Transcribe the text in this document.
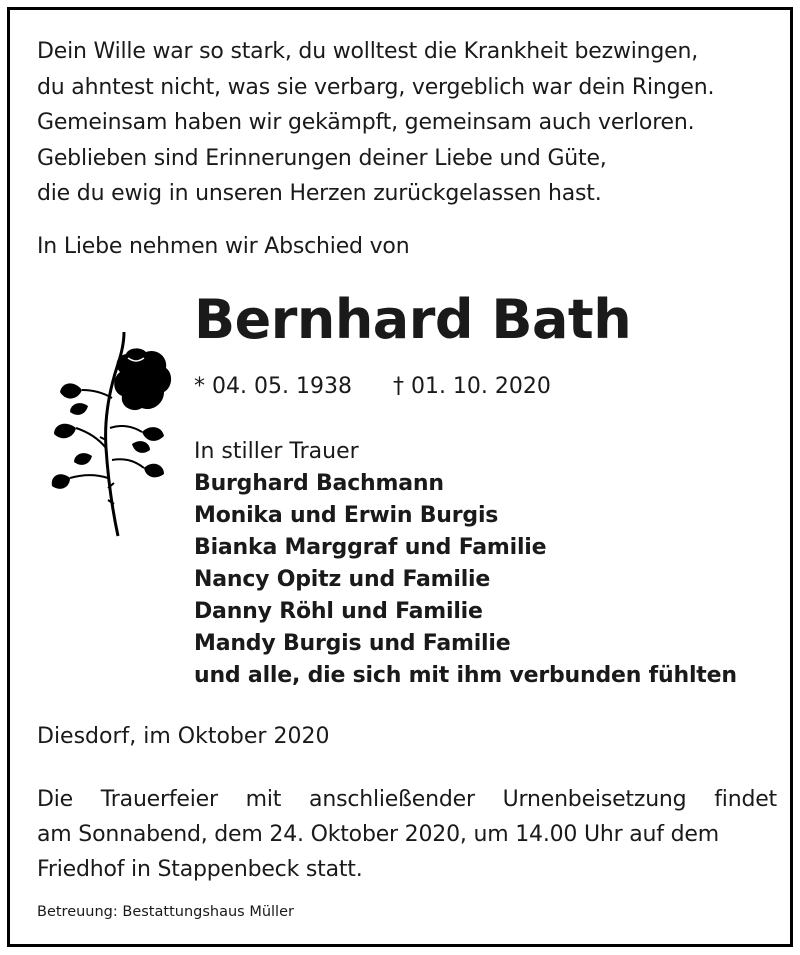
Dein Wille war so stark, du wolltest die Krankheit bezwingen,
du ahntest nicht, was sie verbarg, vergeblich war dein Ringen.
Gemeinsam haben wir gekämpft, gemeinsam auch verloren.
Geblieben sind Erinnerungen deiner Liebe und Güte,
die du ewig in unseren Herzen zurückgelassen hast.
In Liebe nehmen wir Abschied von
Bernhard Bath
* 04. 05. 1938 † 01. 10. 2020
In stiller Trauer
Burghard Bachmann
Monika und Erwin Burgis
Bianka Marggraf und Familie
Nancy Opitz und Familie
Danny Röhl und Familie
Mandy Burgis und Familie
und alle, die sich mit ihm verbunden fühlten
Diesdorf, im Oktober 2020
Die Trauerfeier mit anschließender Urnenbeisetzung findet
am Sonnabend, dem 24. Oktober 2020, um 14.00 Uhr auf dem
Friedhof in Stappenbeck statt.
Betreuung: Bestattungshaus Müller
